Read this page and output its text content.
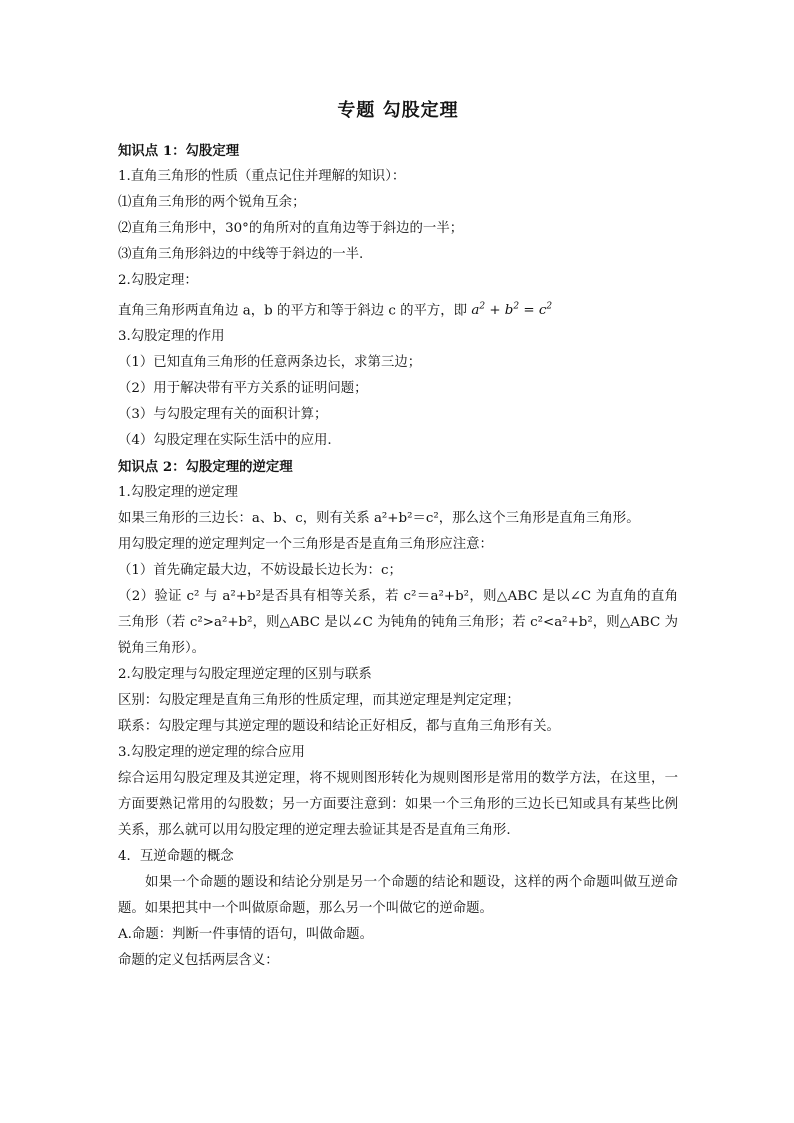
专题 勾股定理
知识点 1：勾股定理
1.直角三角形的性质（重点记住并理解的知识）：
⑴直角三角形的两个锐角互余；
⑵直角三角形中，30°的角所对的直角边等于斜边的一半；
⑶直角三角形斜边的中线等于斜边的一半.
2.勾股定理：
直角三角形两直角边 a，b 的平方和等于斜边 c 的平方，即 $a^2 + b^2 = c^2$
3.勾股定理的作用
（1）已知直角三角形的任意两条边长，求第三边；
（2）用于解决带有平方关系的证明问题；
（3）与勾股定理有关的面积计算；
（4）勾股定理在实际生活中的应用.
知识点 2：勾股定理的逆定理
1.勾股定理的逆定理
如果三角形的三边长：a、b、c，则有关系 a²+b²＝c²，那么这个三角形是直角三角形。
用勾股定理的逆定理判定一个三角形是否是直角三角形应注意：
（1）首先确定最大边，不妨设最长边长为：c；
（2）验证 c² 与 a²+b²是否具有相等关系，若 c²＝a²+b²，则△ABC 是以∠C 为直角的直角三角形（若 c²>a²+b²，则△ABC 是以∠C 为钝角的钝角三角形；若 c²<a²+b²，则△ABC 为锐角三角形）。
2.勾股定理与勾股定理逆定理的区别与联系
区别：勾股定理是直角三角形的性质定理，而其逆定理是判定定理；
联系：勾股定理与其逆定理的题设和结论正好相反，都与直角三角形有关。
3.勾股定理的逆定理的综合应用
综合运用勾股定理及其逆定理，将不规则图形转化为规则图形是常用的数学方法，在这里，一方面要熟记常用的勾股数；另一方面要注意到：如果一个三角形的三边长已知或具有某些比例关系，那么就可以用勾股定理的逆定理去验证其是否是直角三角形.
4．互逆命题的概念
如果一个命题的题设和结论分别是另一个命题的结论和题设，这样的两个命题叫做互逆命题。如果把其中一个叫做原命题，那么另一个叫做它的逆命题。
A.命题：判断一件事情的语句，叫做命题。
命题的定义包括两层含义：
